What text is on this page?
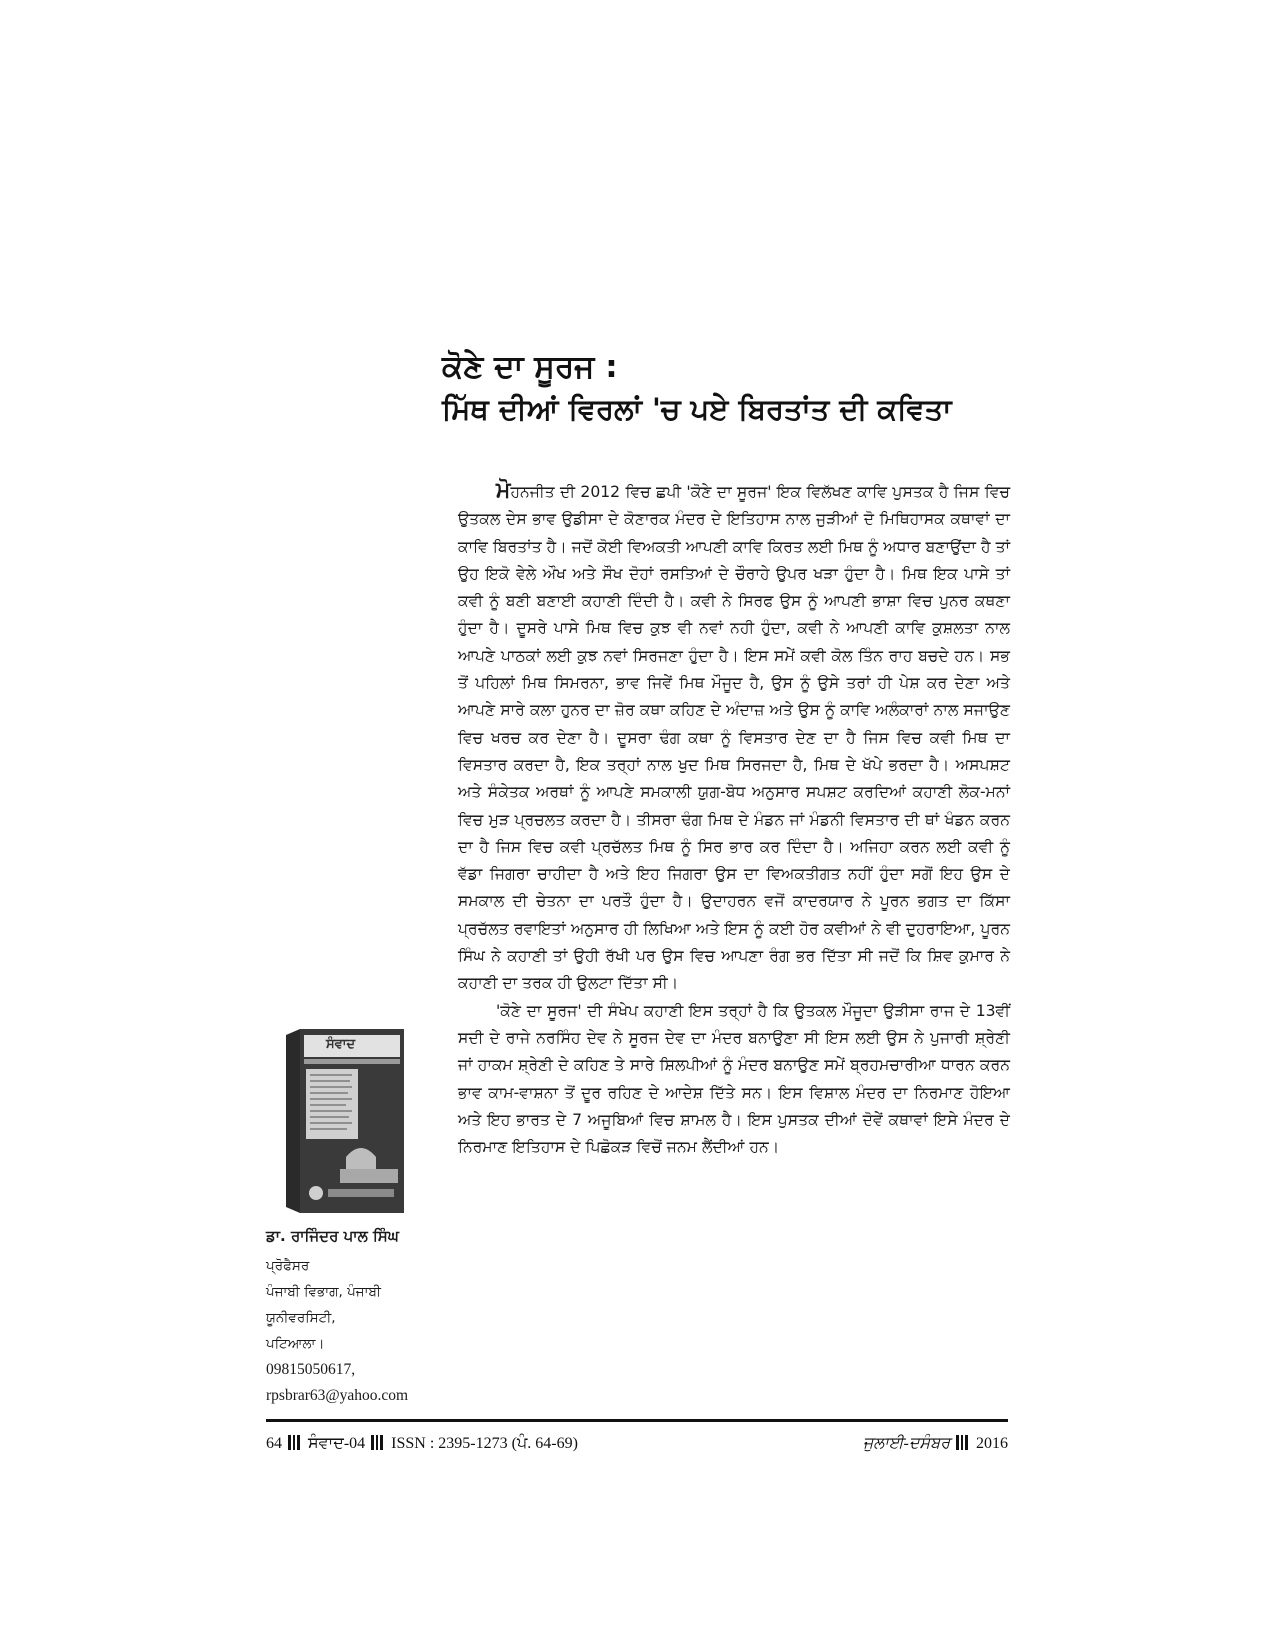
ਕੋਣੇ ਦਾ ਸੂਰਜ :
ਮਿੱਥ ਦੀਆਂ ਵਿਰਲਾਂ 'ਚ ਪਏ ਬਿਰਤਾਂਤ ਦੀ ਕਵਿਤਾ

ਮੋਹਨਜੀਤ ਦੀ 2012 ਵਿਚ ਛਪੀ 'ਕੋਣੇ ਦਾ ਸੂਰਜ' ਇਕ ਵਿਲੱਖਣ ਕਾਵਿ ਪੁਸਤਕ ਹੈ ਜਿਸ ਵਿਚ ਉਤਕਲ ਦੇਸ ਭਾਵ ਉਡੀਸਾ ਦੇ ਕੋਣਾਰਕ ਮੰਦਰ ਦੇ ਇਤਿਹਾਸ ਨਾਲ ਜੁੜੀਆਂ ਦੋ ਮਿਥਿਹਾਸਕ ਕਥਾਵਾਂ ਦਾ ਕਾਵਿ ਬਿਰਤਾਂਤ ਹੈ। ਜਦੋਂ ਕੋਈ ਵਿਅਕਤੀ ਆਪਣੀ ਕਾਵਿ ਕਿਰਤ ਲਈ ਮਿਥ ਨੂੰ ਅਧਾਰ ਬਣਾਉਂਦਾ ਹੈ ਤਾਂ ਉਹ ਇਕੋ ਵੇਲੇ ਔਖ ਅਤੇ ਸੌਖ ਦੋਹਾਂ ਰਸਤਿਆਂ ਦੇ ਚੌਰਾਹੇ ਉਪਰ ਖੜਾ ਹੁੰਦਾ ਹੈ। ਮਿਥ ਇਕ ਪਾਸੇ ਤਾਂ ਕਵੀ ਨੂੰ ਬਣੀ ਬਣਾਈ ਕਹਾਣੀ ਦਿੰਦੀ ਹੈ। ਕਵੀ ਨੇ ਸਿਰਫ ਉਸ ਨੂੰ ਆਪਣੀ ਭਾਸ਼ਾ ਵਿਚ ਪੁਨਰ ਕਥਣਾ ਹੁੰਦਾ ਹੈ। ਦੂਸਰੇ ਪਾਸੇ ਮਿਥ ਵਿਚ ਕੁਝ ਵੀ ਨਵਾਂ ਨਹੀ ਹੁੰਦਾ, ਕਵੀ ਨੇ ਆਪਣੀ ਕਾਵਿ ਕੁਸ਼ਲਤਾ ਨਾਲ ਆਪਣੇ ਪਾਠਕਾਂ ਲਈ ਕੁਝ ਨਵਾਂ ਸਿਰਜਣਾ ਹੁੰਦਾ ਹੈ। ਇਸ ਸਮੇਂ ਕਵੀ ਕੋਲ ਤਿੰਨ ਰਾਹ ਬਚਦੇ ਹਨ। ਸਭ ਤੋਂ ਪਹਿਲਾਂ ਮਿਥ ਸਿਮਰਨਾ, ਭਾਵ ਜਿਵੇਂ ਮਿਥ ਮੌਜੂਦ ਹੈ, ਉਸ ਨੂੰ ਉਸੇ ਤਰਾਂ ਹੀ ਪੇਸ਼ ਕਰ ਦੇਣਾ ਅਤੇ ਆਪਣੇ ਸਾਰੇ ਕਲਾ ਹੁਨਰ ਦਾ ਜ਼ੋਰ ਕਥਾ ਕਹਿਣ ਦੇ ਅੰਦਾਜ਼ ਅਤੇ ਉਸ ਨੂੰ ਕਾਵਿ ਅਲੰਕਾਰਾਂ ਨਾਲ ਸਜਾਉਣ ਵਿਚ ਖਰਚ ਕਰ ਦੇਣਾ ਹੈ। ਦੂਸਰਾ ਢੰਗ ਕਥਾ ਨੂੰ ਵਿਸਤਾਰ ਦੇਣ ਦਾ ਹੈ ਜਿਸ ਵਿਚ ਕਵੀ ਮਿਥ ਦਾ ਵਿਸਤਾਰ ਕਰਦਾ ਹੈ, ਇਕ ਤਰ੍ਹਾਂ ਨਾਲ ਖੁਦ ਮਿਥ ਸਿਰਜਦਾ ਹੈ, ਮਿਥ ਦੇ ਖੱਪੇ ਭਰਦਾ ਹੈ। ਅਸਪਸ਼ਟ ਅਤੇ ਸੰਕੇਤਕ ਅਰਥਾਂ ਨੂੰ ਆਪਣੇ ਸਮਕਾਲੀ ਯੁਗ-ਬੋਧ ਅਨੁਸਾਰ ਸਪਸ਼ਟ ਕਰਦਿਆਂ ਕਹਾਣੀ ਲੋਕ-ਮਨਾਂ ਵਿਚ ਮੁੜ ਪ੍ਰਚਲਤ ਕਰਦਾ ਹੈ। ਤੀਸਰਾ ਢੰਗ ਮਿਥ ਦੇ ਮੰਡਨ ਜਾਂ ਮੰਡਨੀ ਵਿਸਤਾਰ ਦੀ ਥਾਂ ਖੰਡਨ ਕਰਨ ਦਾ ਹੈ ਜਿਸ ਵਿਚ ਕਵੀ ਪ੍ਰਚੱਲਤ ਮਿਥ ਨੂੰ ਸਿਰ ਭਾਰ ਕਰ ਦਿੰਦਾ ਹੈ। ਅਜਿਹਾ ਕਰਨ ਲਈ ਕਵੀ ਨੂੰ ਵੱਡਾ ਜਿਗਰਾ ਚਾਹੀਦਾ ਹੈ ਅਤੇ ਇਹ ਜਿਗਰਾ ਉਸ ਦਾ ਵਿਅਕਤੀਗਤ ਨਹੀਂ ਹੁੰਦਾ ਸਗੋਂ ਇਹ ਉਸ ਦੇ ਸਮਕਾਲ ਦੀ ਚੇਤਨਾ ਦਾ ਪਰਤੌ ਹੁੰਦਾ ਹੈ। ਉਦਾਹਰਨ ਵਜੋਂ ਕਾਦਰਯਾਰ ਨੇ ਪੂਰਨ ਭਗਤ ਦਾ ਕਿੱਸਾ ਪ੍ਰਚੱਲਤ ਰਵਾਇਤਾਂ ਅਨੁਸਾਰ ਹੀ ਲਿਖਿਆ ਅਤੇ ਇਸ ਨੂੰ ਕਈ ਹੋਰ ਕਵੀਆਂ ਨੇ ਵੀ ਦੁਹਰਾਇਆ, ਪੂਰਨ ਸਿੰਘ ਨੇ ਕਹਾਣੀ ਤਾਂ ਉਹੀ ਰੱਖੀ ਪਰ ਉਸ ਵਿਚ ਆਪਣਾ ਰੰਗ ਭਰ ਦਿੱਤਾ ਸੀ ਜਦੋਂ ਕਿ ਸ਼ਿਵ ਕੁਮਾਰ ਨੇ ਕਹਾਣੀ ਦਾ ਤਰਕ ਹੀ ਉਲਟਾ ਦਿੱਤਾ ਸੀ।

'ਕੋਣੇ ਦਾ ਸੂਰਜ' ਦੀ ਸੰਖੇਪ ਕਹਾਣੀ ਇਸ ਤਰ੍ਹਾਂ ਹੈ ਕਿ ਉਤਕਲ ਮੌਜੂਦਾ ਉੜੀਸਾ ਰਾਜ ਦੇ 13ਵੀਂ ਸਦੀ ਦੇ ਰਾਜੇ ਨਰਸਿੰਹ ਦੇਵ ਨੇ ਸੂਰਜ ਦੇਵ ਦਾ ਮੰਦਰ ਬਨਾਉਣਾ ਸੀ ਇਸ ਲਈ ਉਸ ਨੇ ਪੁਜਾਰੀ ਸ਼੍ਰੇਣੀ ਜਾਂ ਹਾਕਮ ਸ਼੍ਰੇਣੀ ਦੇ ਕਹਿਣ ਤੇ ਸਾਰੇ ਸ਼ਿਲਪੀਆਂ ਨੂੰ ਮੰਦਰ ਬਨਾਉਣ ਸਮੇਂ ਬ੍ਰਹਮਚਾਰੀਆ ਧਾਰਨ ਕਰਨ ਭਾਵ ਕਾਮ-ਵਾਸ਼ਨਾ ਤੋਂ ਦੂਰ ਰਹਿਣ ਦੇ ਆਦੇਸ਼ ਦਿੱਤੇ ਸਨ। ਇਸ ਵਿਸ਼ਾਲ ਮੰਦਰ ਦਾ ਨਿਰਮਾਣ ਹੋਇਆ ਅਤੇ ਇਹ ਭਾਰਤ ਦੇ 7 ਅਜੂਬਿਆਂ ਵਿਚ ਸ਼ਾਮਲ ਹੈ। ਇਸ ਪੁਸਤਕ ਦੀਆਂ ਦੋਵੇਂ ਕਥਾਵਾਂ ਇਸੇ ਮੰਦਰ ਦੇ ਨਿਰਮਾਣ ਇਤਿਹਾਸ ਦੇ ਪਿਛੋਕੜ ਵਿਚੋਂ ਜਨਮ ਲੈਂਦੀਆਂ ਹਨ।

ਸੰਵਾਦ
ਡਾ. ਰਾਜਿੰਦਰ ਪਾਲ ਸਿੰਘ
ਪ੍ਰੋਫੈਸਰ
ਪੰਜਾਬੀ ਵਿਭਾਗ, ਪੰਜਾਬੀ
ਯੂਨੀਵਰਸਿਟੀ,
ਪਟਿਆਲਾ।
09815050617,
rpsbrar63@yahoo.com
64 ਸੰਵਾਦ-04 ISSN : 2395-1273 (ਪੰ. 64-69)	ਜੁਲਾਈ-ਦਸੰਬਰ 2016
